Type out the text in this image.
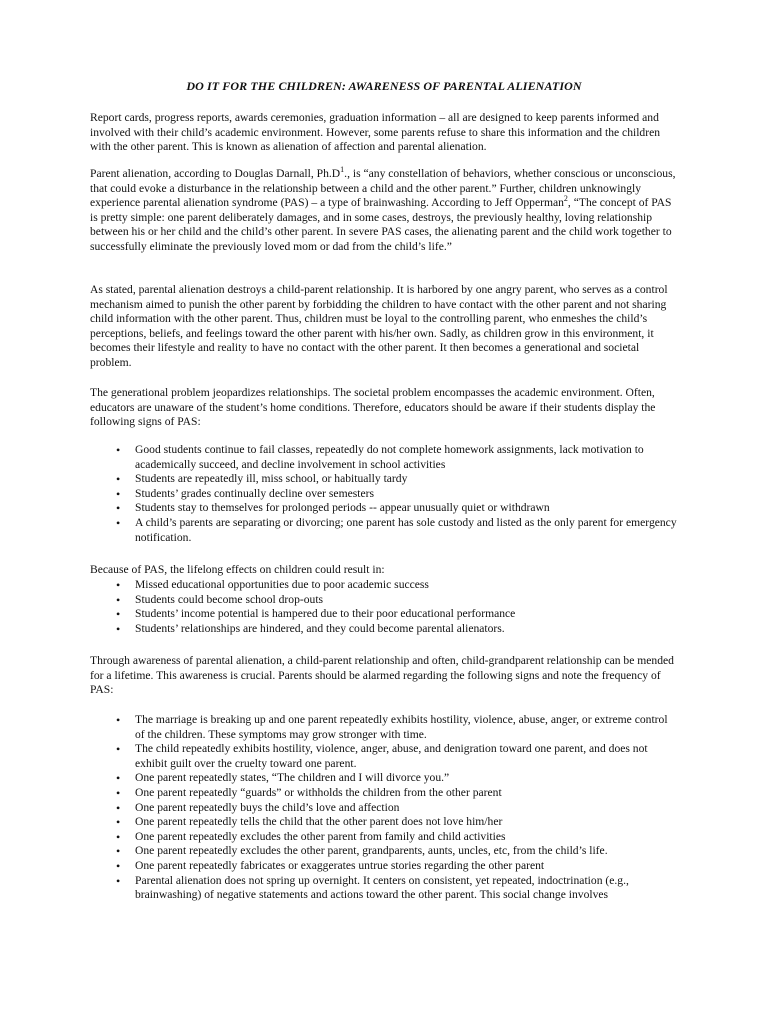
DO IT FOR THE CHILDREN: AWARENESS OF PARENTAL ALIENATION

Report cards, progress reports, awards ceremonies, graduation information – all are designed to keep parents informed and involved with their child’s academic environment. However, some parents refuse to share this information and the children with the other parent. This is known as alienation of affection and parental alienation.

Parent alienation, according to Douglas Darnall, $Ph.D^1$., is “any constellation of behaviors, whether conscious or unconscious, that could evoke a disturbance in the relationship between a child and the other parent.” Further, children unknowingly experience parental alienation syndrome (PAS) – a type of brainwashing. According to Jeff Opperman$^2$, “The concept of PAS is pretty simple: one parent deliberately damages, and in some cases, destroys, the previously healthy, loving relationship between his or her child and the child’s other parent. In severe PAS cases, the alienating parent and the child work together to successfully eliminate the previously loved mom or dad from the child’s life.”

As stated, parental alienation destroys a child-parent relationship. It is harbored by one angry parent, who serves as a control mechanism aimed to punish the other parent by forbidding the children to have contact with the other parent and not sharing child information with the other parent. Thus, children must be loyal to the controlling parent, who enmeshes the child’s perceptions, beliefs, and feelings toward the other parent with his/her own. Sadly, as children grow in this environment, it becomes their lifestyle and reality to have no contact with the other parent. It then becomes a generational and societal problem.

The generational problem jeopardizes relationships. The societal problem encompasses the academic environment. Often, educators are unaware of the student’s home conditions. Therefore, educators should be aware if their students display the following signs of PAS:

• Good students continue to fail classes, repeatedly do not complete homework assignments, lack motivation to academically succeed, and decline involvement in school activities
• Students are repeatedly ill, miss school, or habitually tardy
• Students’ grades continually decline over semesters
• Students stay to themselves for prolonged periods -- appear unusually quiet or withdrawn
• A child’s parents are separating or divorcing; one parent has sole custody and listed as the only parent for emergency notification.

Because of PAS, the lifelong effects on children could result in:

• Missed educational opportunities due to poor academic success
• Students could become school drop-outs
• Students’ income potential is hampered due to their poor educational performance
• Students’ relationships are hindered, and they could become parental alienators.

Through awareness of parental alienation, a child-parent relationship and often, child-grandparent relationship can be mended for a lifetime. This awareness is crucial. Parents should be alarmed regarding the following signs and note the frequency of PAS:

• The marriage is breaking up and one parent repeatedly exhibits hostility, violence, abuse, anger, or extreme control of the children. These symptoms may grow stronger with time.
• The child repeatedly exhibits hostility, violence, anger, abuse, and denigration toward one parent, and does not exhibit guilt over the cruelty toward one parent.
• One parent repeatedly states, “The children and I will divorce you.”
• One parent repeatedly “guards” or withholds the children from the other parent
• One parent repeatedly buys the child’s love and affection
• One parent repeatedly tells the child that the other parent does not love him/her
• One parent repeatedly excludes the other parent from family and child activities
• One parent repeatedly excludes the other parent, grandparents, aunts, uncles, etc, from the child’s life.
• One parent repeatedly fabricates or exaggerates untrue stories regarding the other parent
• Parental alienation does not spring up overnight. It centers on consistent, yet repeated, indoctrination (e.g., brainwashing) of negative statements and actions toward the other parent. This social change involves
